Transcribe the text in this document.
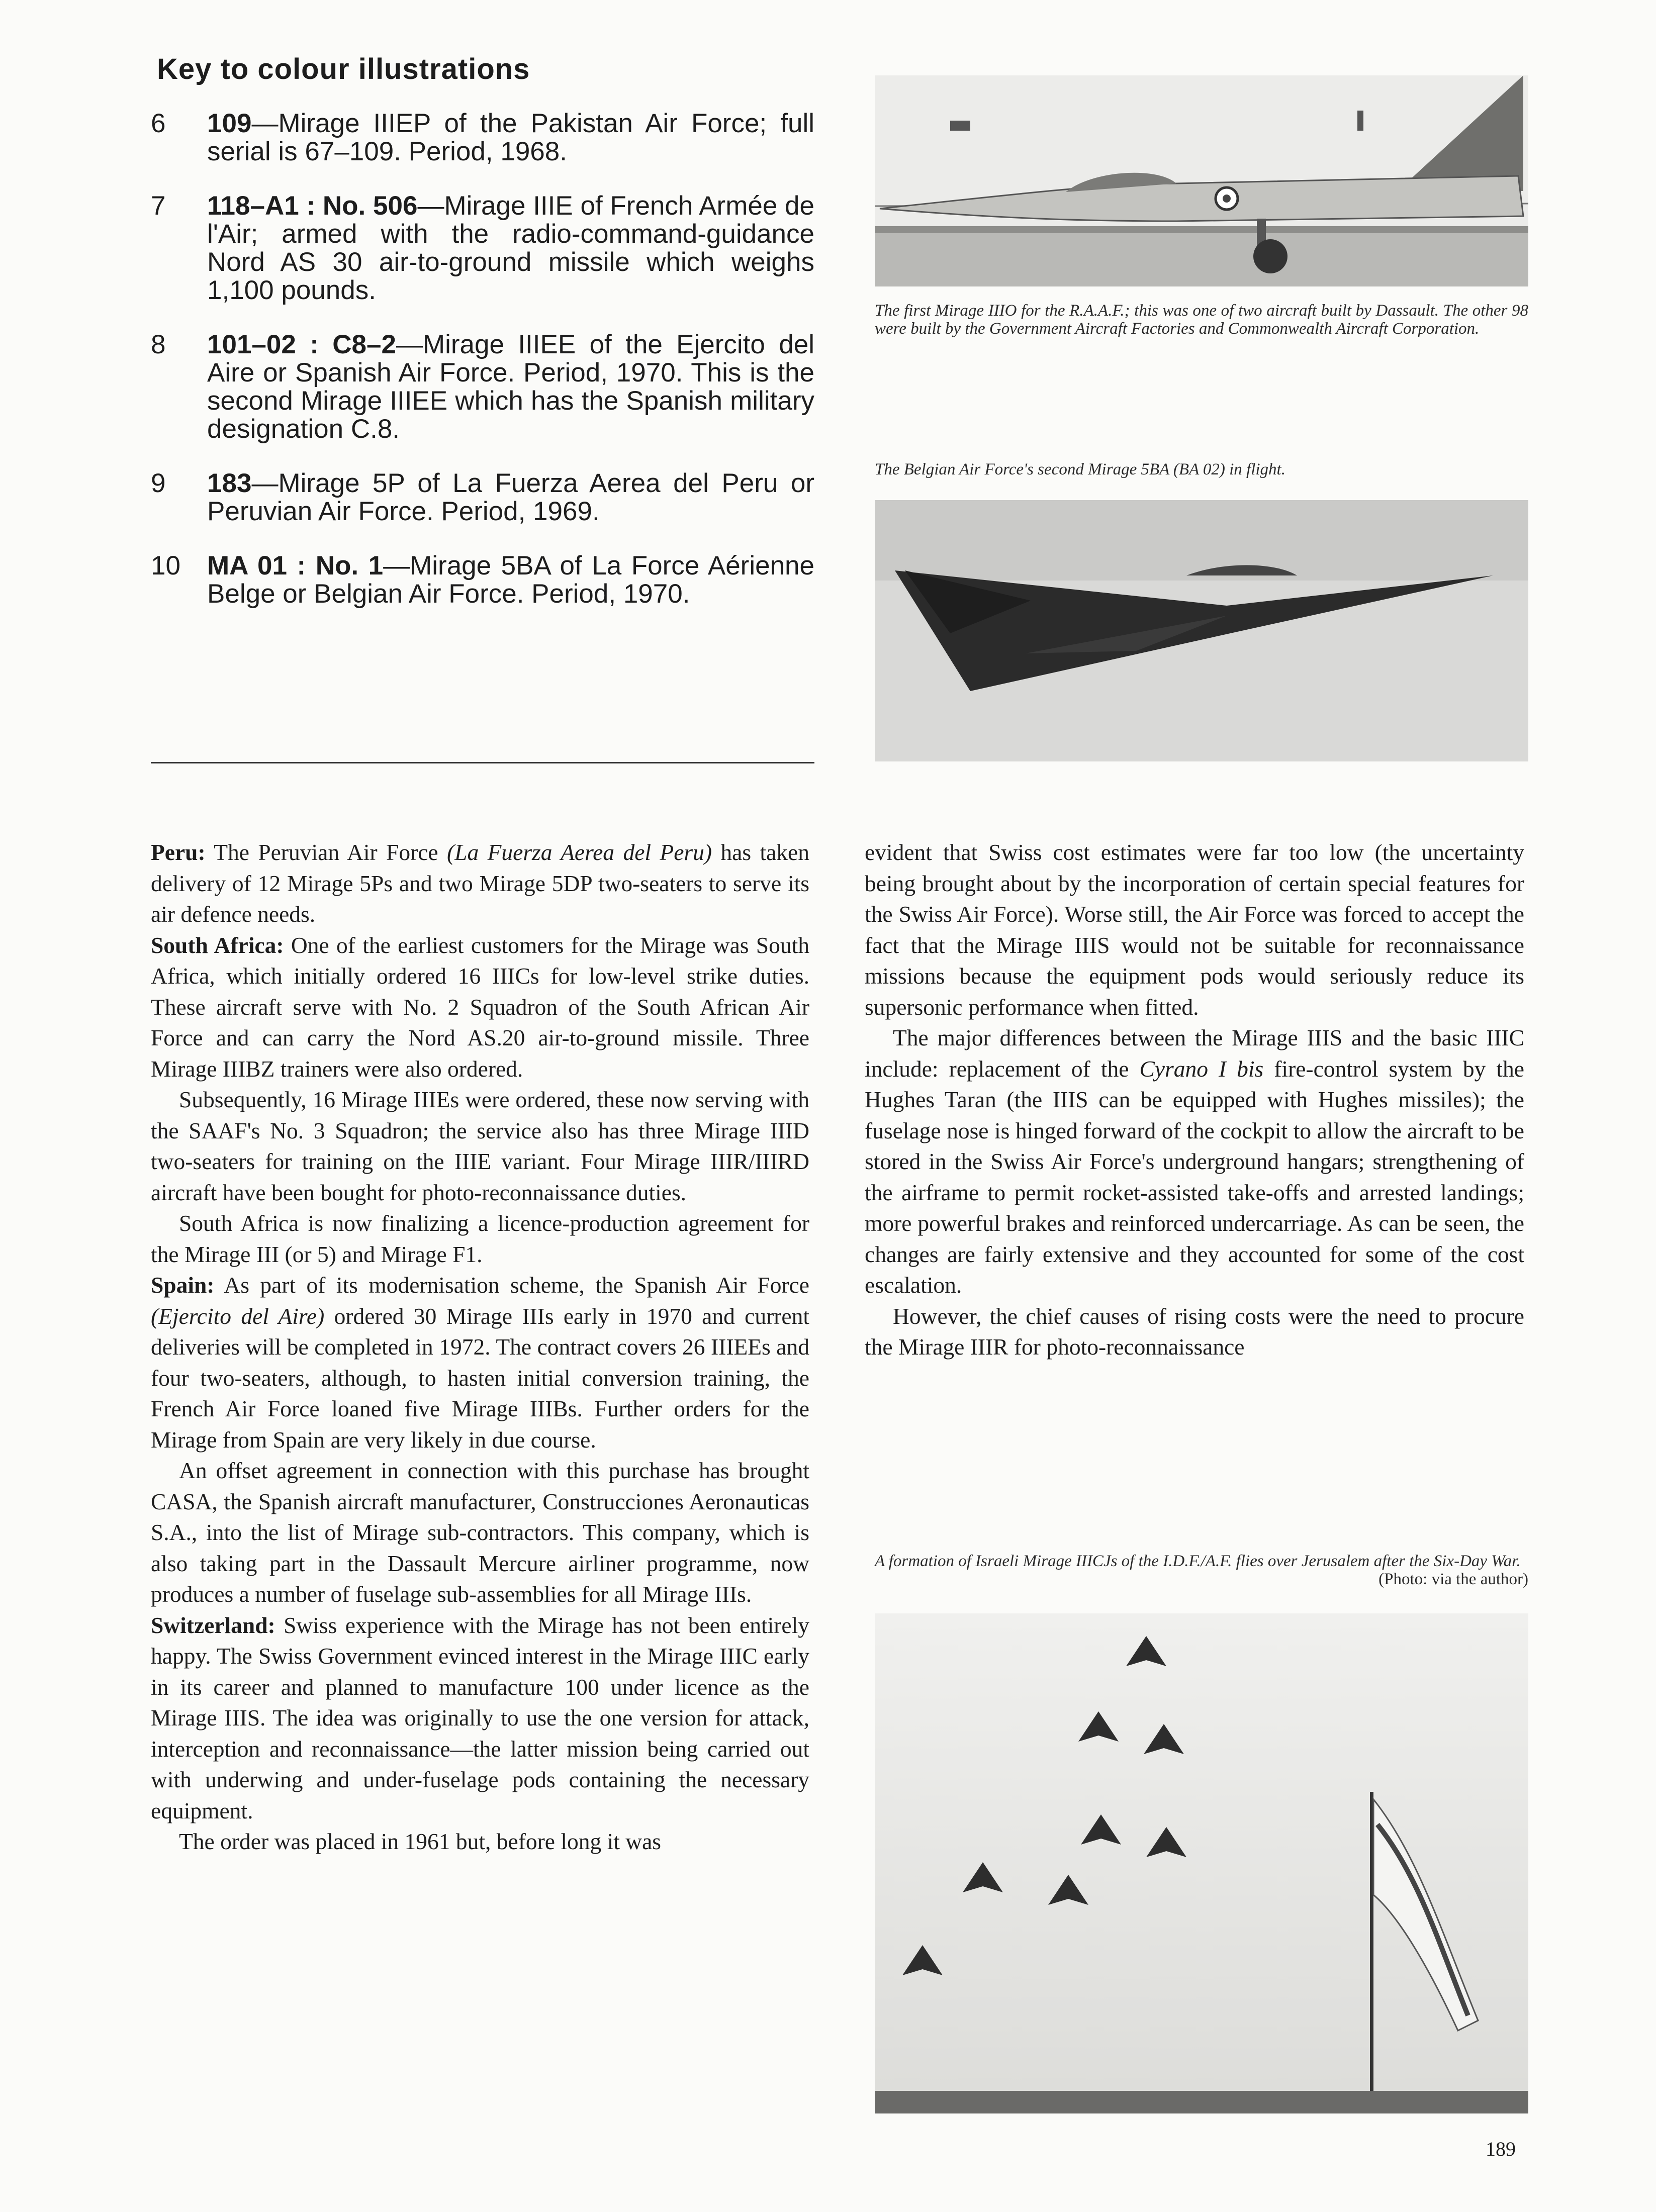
Key to colour illustrations
6	109—Mirage IIIEP of the Pakistan Air Force; full serial is 67–109. Period, 1968.
7	118–A1 : No. 506—Mirage IIIE of French Armée de l'Air; armed with the radio-command-guidance Nord AS 30 air-to-ground missile which weighs 1,100 pounds.
8	101–02 : C8–2—Mirage IIIEE of the Ejercito del Aire or Spanish Air Force. Period, 1970. This is the second Mirage IIIEE which has the Spanish military designation C.8.
9	183—Mirage 5P of La Fuerza Aerea del Peru or Peruvian Air Force. Period, 1969.
10	MA 01 : No. 1—Mirage 5BA of La Force Aérienne Belge or Belgian Air Force. Period, 1970.
The first Mirage IIIO for the R.A.A.F.; this was one of two aircraft built by Dassault. The other 98 were built by the Government Aircraft Factories and Commonwealth Aircraft Corporation.
The Belgian Air Force's second Mirage 5BA (BA 02) in flight.
A formation of Israeli Mirage IIICJs of the I.D.F./A.F. flies over Jerusalem after the Six-Day War.
(Photo: via the author)

Peru: The Peruvian Air Force (La Fuerza Aerea del Peru) has taken delivery of 12 Mirage 5Ps and two Mirage 5DP two-seaters to serve its air defence needs.

South Africa: One of the earliest customers for the Mirage was South Africa, which initially ordered 16 IIICs for low-level strike duties. These aircraft serve with No. 2 Squadron of the South African Air Force and can carry the Nord AS.20 air-to-ground missile. Three Mirage IIIBZ trainers were also ordered.

Subsequently, 16 Mirage IIIEs were ordered, these now serving with the SAAF's No. 3 Squadron; the service also has three Mirage IIID two-seaters for training on the IIIE variant. Four Mirage IIIR/IIIRD aircraft have been bought for photo-reconnaissance duties.

South Africa is now finalizing a licence-production agreement for the Mirage III (or 5) and Mirage F1.

Spain: As part of its modernisation scheme, the Spanish Air Force (Ejercito del Aire) ordered 30 Mirage IIIs early in 1970 and current deliveries will be completed in 1972. The contract covers 26 IIIEEs and four two-seaters, although, to hasten initial conversion training, the French Air Force loaned five Mirage IIIBs. Further orders for the Mirage from Spain are very likely in due course.

An offset agreement in connection with this purchase has brought CASA, the Spanish aircraft manufacturer, Construcciones Aeronauticas S.A., into the list of Mirage sub-contractors. This company, which is also taking part in the Dassault Mercure airliner programme, now produces a number of fuselage sub-assemblies for all Mirage IIIs.

Switzerland: Swiss experience with the Mirage has not been entirely happy. The Swiss Government evinced interest in the Mirage IIIC early in its career and planned to manufacture 100 under licence as the Mirage IIIS. The idea was originally to use the one version for attack, interception and reconnaissance—the latter mission being carried out with underwing and under-fuselage pods containing the necessary equipment.

The order was placed in 1961 but, before long it was

evident that Swiss cost estimates were far too low (the uncertainty being brought about by the incorporation of certain special features for the Swiss Air Force). Worse still, the Air Force was forced to accept the fact that the Mirage IIIS would not be suitable for reconnaissance missions because the equipment pods would seriously reduce its supersonic performance when fitted.

The major differences between the Mirage IIIS and the basic IIIC include: replacement of the Cyrano I bis fire-control system by the Hughes Taran (the IIIS can be equipped with Hughes missiles); the fuselage nose is hinged forward of the cockpit to allow the aircraft to be stored in the Swiss Air Force's underground hangars; strengthening of the airframe to permit rocket-assisted take-offs and arrested landings; more powerful brakes and reinforced undercarriage. As can be seen, the changes are fairly extensive and they accounted for some of the cost escalation.

However, the chief causes of rising costs were the need to procure the Mirage IIIR for photo-reconnaissance

189
